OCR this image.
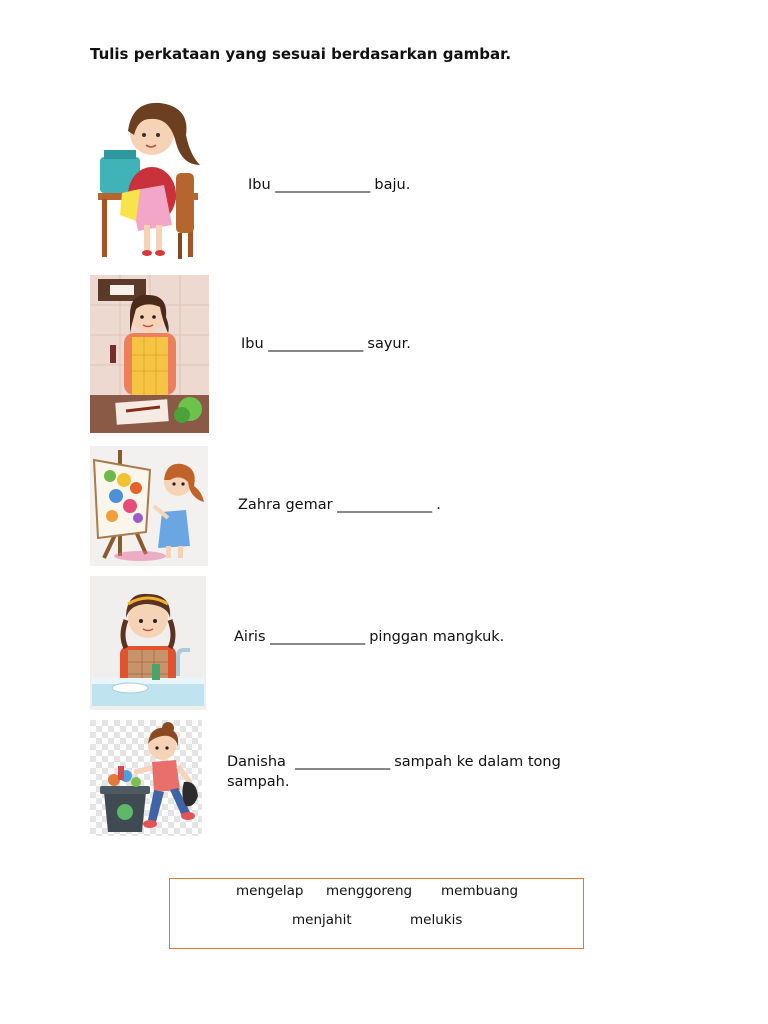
Tulis perkataan yang sesuai berdasarkan gambar.
Ibu ______________ baju.
Ibu ______________ sayur.
Zahra gemar ______________ .
Airis ______________ pinggan mangkuk.
Danisha  ______________ sampah ke dalam tong
sampah.
mengelap menggoreng membuang
menjahit	melukis
